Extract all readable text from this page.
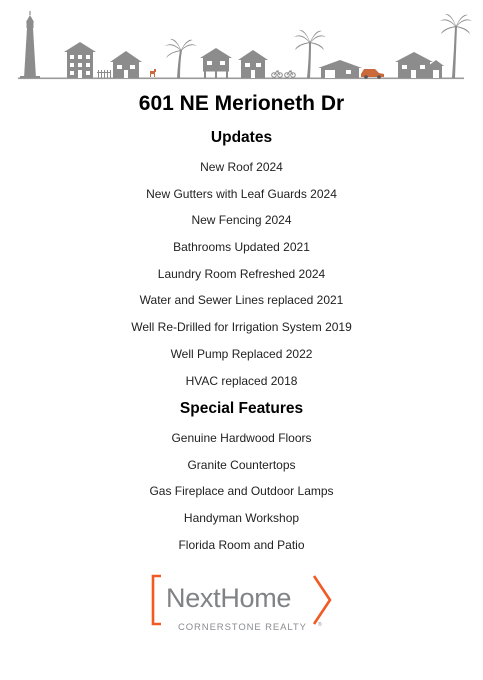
601 NE Merioneth Dr
Updates
New Roof 2024
New Gutters with Leaf Guards 2024
New Fencing 2024
Bathrooms Updated 2021
Laundry Room Refreshed 2024
Water and Sewer Lines replaced 2021
Well Re-Drilled for Irrigation System 2019
Well Pump Replaced 2022
HVAC replaced 2018
Special Features
Genuine Hardwood Floors
Granite Countertops
Gas Fireplace and Outdoor Lamps
Handyman Workshop
Florida Room and Patio
NextHome
CORNERSTONE REALTY ®
